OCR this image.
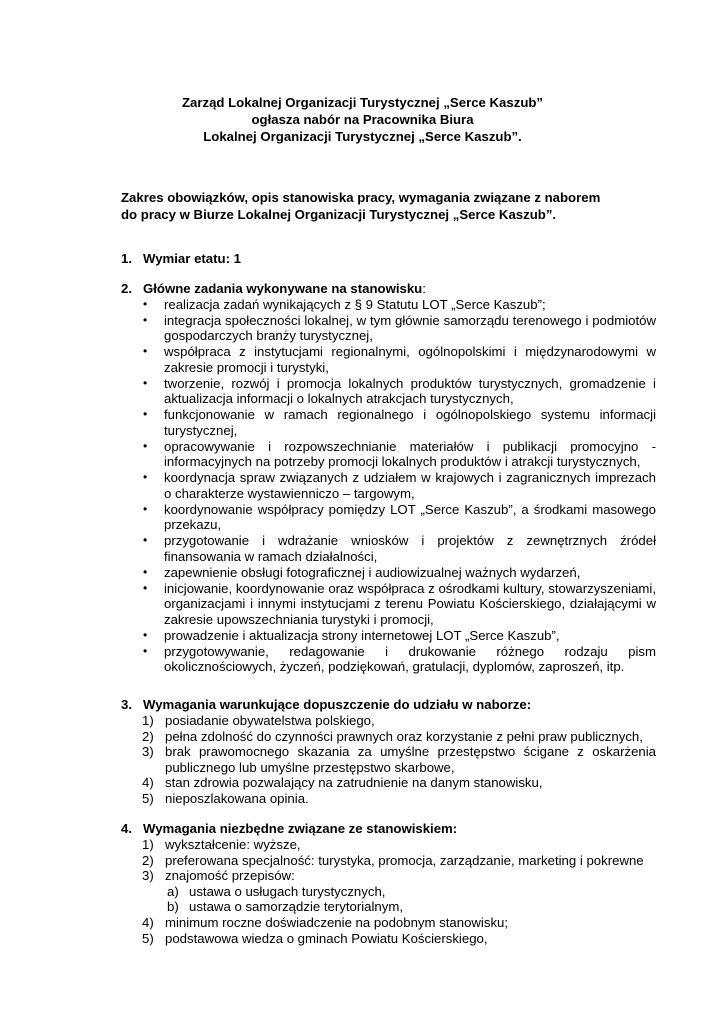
Zarząd Lokalnej Organizacji Turystycznej „Serce Kaszub”
ogłasza nabór na Pracownika Biura
Lokalnej Organizacji Turystycznej „Serce Kaszub”.
Zakres obowiązków, opis stanowiska pracy, wymagania związane z naborem
do pracy w Biurze Lokalnej Organizacji Turystycznej „Serce Kaszub”.
1. Wymiar etatu: 1
2. Główne zadania wykonywane na stanowisku:
• realizacja zadań wynikających z § 9 Statutu LOT „Serce Kaszub”;
• integracja społeczności lokalnej, w tym głównie samorządu terenowego i podmiotów gospodarczych branży turystycznej,
• współpraca z instytucjami regionalnymi, ogólnopolskimi i międzynarodowymi w zakresie promocji i turystyki,
• tworzenie, rozwój i promocja lokalnych produktów turystycznych, gromadzenie i aktualizacja informacji o lokalnych atrakcjach turystycznych,
• funkcjonowanie w ramach regionalnego i ogólnopolskiego systemu informacji turystycznej,
• opracowywanie i rozpowszechnianie materiałów i publikacji promocyjno - informacyjnych na potrzeby promocji lokalnych produktów i atrakcji turystycznych,
• koordynacja spraw związanych z udziałem w krajowych i zagranicznych imprezach o charakterze wystawienniczo – targowym,
• koordynowanie współpracy pomiędzy LOT „Serce Kaszub”, a środkami masowego przekazu,
• przygotowanie i wdrażanie wniosków i projektów z zewnętrznych źródeł finansowania w ramach działalności,
• zapewnienie obsługi fotograficznej i audiowizualnej ważnych wydarzeń,
• inicjowanie, koordynowanie oraz współpraca z ośrodkami kultury, stowarzyszeniami, organizacjami i innymi instytucjami z terenu Powiatu Kościerskiego, działającymi w zakresie upowszechniania turystyki i promocji,
• prowadzenie i aktualizacja strony internetowej LOT „Serce Kaszub”,
• przygotowywanie, redagowanie i drukowanie różnego rodzaju pism okolicznościowych, życzeń, podziękowań, gratulacji, dyplomów, zaproszeń, itp.
3. Wymagania warunkujące dopuszczenie do udziału w naborze:
1) posiadanie obywatelstwa polskiego,
2) pełna zdolność do czynności prawnych oraz korzystanie z pełni praw publicznych,
3) brak prawomocnego skazania za umyślne przestępstwo ścigane z oskarżenia publicznego lub umyślne przestępstwo skarbowe,
4) stan zdrowia pozwalający na zatrudnienie na danym stanowisku,
5) nieposzlakowana opinia.
4. Wymagania niezbędne związane ze stanowiskiem:
1) wykształcenie: wyższe,
2) preferowana specjalność: turystyka, promocja, zarządzanie, marketing i pokrewne
3) znajomość przepisów:
a) ustawa o usługach turystycznych,
b) ustawa o samorządzie terytorialnym,
4) minimum roczne doświadczenie na podobnym stanowisku;
5) podstawowa wiedza o gminach Powiatu Kościerskiego,
